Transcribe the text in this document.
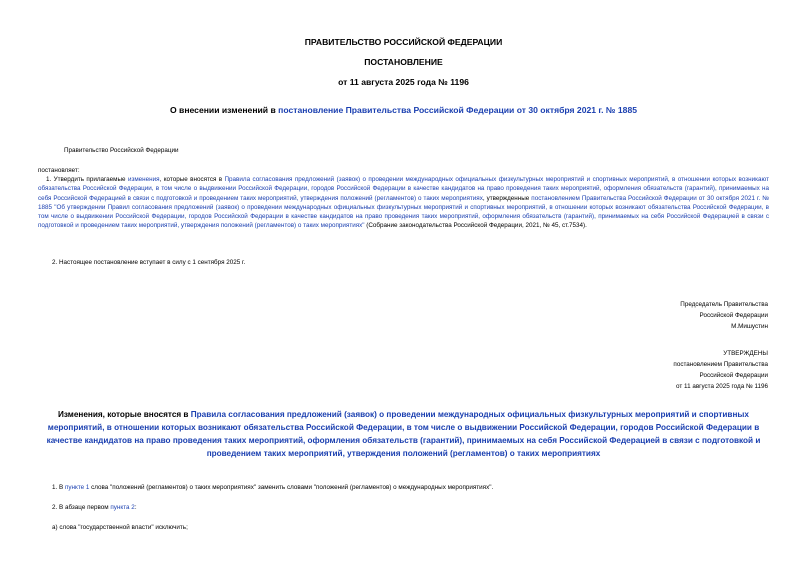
ПРАВИТЕЛЬСТВО РОССИЙСКОЙ ФЕДЕРАЦИИ
ПОСТАНОВЛЕНИЕ
от 11 августа 2025 года № 1196
О внесении изменений в постановление Правительства Российской Федерации от 30 октября 2021 г. № 1885
Правительство Российской Федерации
постановляет:
1. Утвердить прилагаемые изменения, которые вносятся в Правила согласования предложений (заявок) о проведении международных официальных физкультурных мероприятий и спортивных мероприятий, в отношении которых возникают обязательства Российской Федерации, в том числе о выдвижении Российской Федерации, городов Российской Федерации в качестве кандидатов на право проведения таких мероприятий, оформления обязательств (гарантий), принимаемых на себя Российской Федерацией в связи с подготовкой и проведением таких мероприятий, утверждения положений (регламентов) о таких мероприятиях, утвержденные постановлением Правительства Российской Федерации от 30 октября 2021 г. № 1885 "Об утверждении Правил согласования предложений (заявок) о проведении международных официальных физкультурных мероприятий и спортивных мероприятий, в отношении которых возникают обязательства Российской Федерации, в том числе о выдвижении Российской Федерации, городов Российской Федерации в качестве кандидатов на право проведения таких мероприятий, оформления обязательств (гарантий), принимаемых на себя Российской Федерацией в связи с подготовкой и проведением таких мероприятий, утверждения положений (регламентов) о таких мероприятиях" (Собрание законодательства Российской Федерации, 2021, № 45, ст.7534).
2. Настоящее постановление вступает в силу с 1 сентября 2025 г.
Председатель Правительства
Российской Федерации
М.Мишустин
УТВЕРЖДЕНЫ
постановлением Правительства
Российской Федерации
от 11 августа 2025 года № 1196
Изменения, которые вносятся в Правила согласования предложений (заявок) о проведении международных официальных физкультурных мероприятий и спортивных мероприятий, в отношении которых возникают обязательства Российской Федерации, в том числе о выдвижении Российской Федерации, городов Российской Федерации в качестве кандидатов на право проведения таких мероприятий, оформления обязательств (гарантий), принимаемых на себя Российской Федерацией в связи с подготовкой и проведением таких мероприятий, утверждения положений (регламентов) о таких мероприятиях
1. В пункте 1 слова "положений (регламентов) о таких мероприятиях" заменить словами "положений (регламентов) о международных мероприятиях".
2. В абзаце первом пункта 2:
а) слова "государственной власти" исключить;
